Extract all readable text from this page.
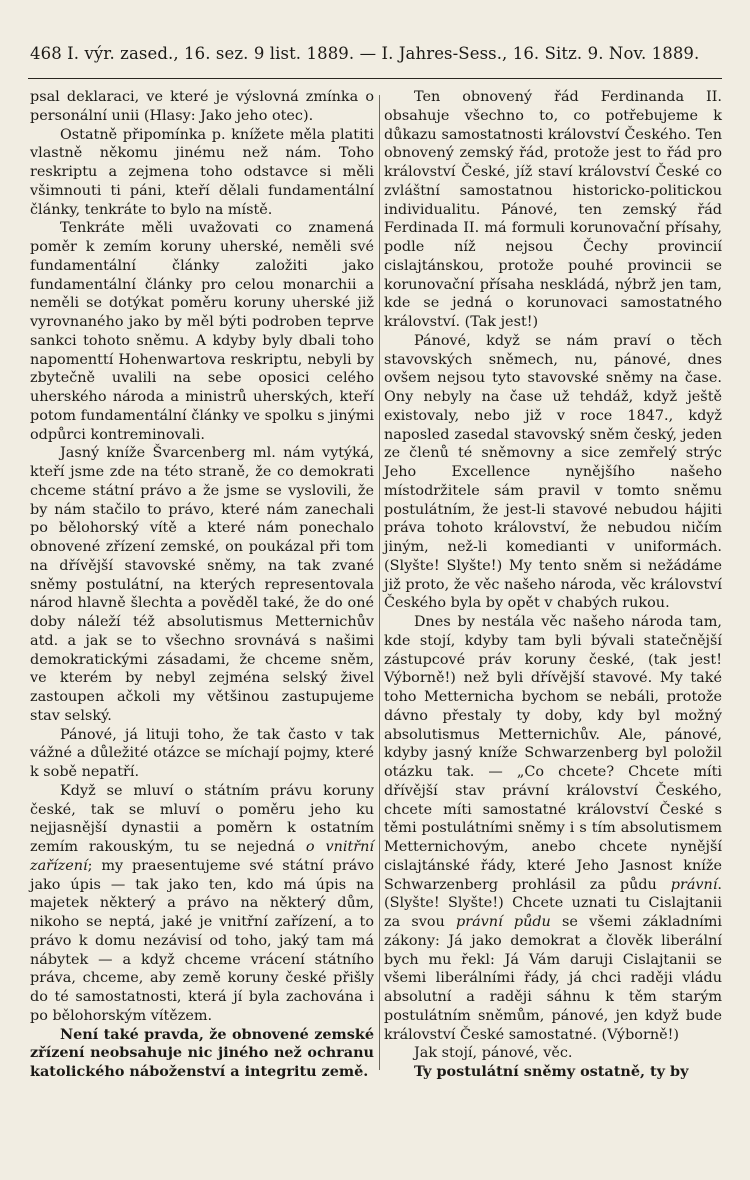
468 I. výr. zased., 16. sez. 9 list. 1889. — I. Jahres-Sess., 16. Sitz. 9. Nov. 1889.

psal deklaraci, ve které je výslovná zmínka o personální unii (Hlasy: Jako jeho otec).

Ostatně připomínka p. knížete měla platiti vlastně někomu jinému než nám. Toho reskriptu a zejmena toho odstavce si měli všimnouti ti páni, kteří dělali fundamentální články, tenkráte to bylo na místě.

Tenkráte měli uvažovati co znamená poměr k zemím koruny uherské, neměli své fundamentální články založiti jako fundamentální články pro celou monarchii a neměli se dotýkat poměru koruny uherské již vyrovnaného jako by měl býti podroben teprve sankci tohoto sněmu. A kdyby byly dbali toho napomenttí Hohenwartova reskriptu, nebyli by zbytečně uvalili na sebe oposici celého uherského národa a ministrů uherských, kteří potom fundamentální články ve spolku s jinými odpůrci kontreminovali.

Jasný kníže Švarcenberg ml. nám vytýká, kteří jsme zde na této straně, že co demokrati chceme státní právo a že jsme se vyslovili, že by nám stačilo to právo, které nám zanechali po bělohorský vítě a které nám ponechalo obnovené zřízení zemské, on poukázal při tom na dřívější stavovské sněmy, na tak zvané sněmy postulátní, na kterých representovala národ hlavně šlechta a pověděl také, že do oné doby náleží též absolutismus Metternichův atd. a jak se to všechno srovnává s našimi demokratickými zásadami, že chceme sněm, ve kterém by nebyl zejména selský živel zastoupen ačkoli my většinou zastupujeme stav selský.

Pánové, já lituji toho, že tak často v tak vážné a důležité otázce se míchají pojmy, které k sobě nepatří.

Když se mluví o státním právu koruny české, tak se mluví o poměru jeho ku nejjasnější dynastii a poměrn k ostatním zemím rakouským, tu se nejedná o vnitřní zařízení; my praesentujeme své státní právo jako úpis — tak jako ten, kdo má úpis na majetek některý a právo na některý dům, nikoho se neptá, jaké je vnitřní zařízení, a to právo k domu nezávisí od toho, jaký tam má nábytek — a když chceme vrácení státního práva, chceme, aby země koruny české přišly do té samostatnosti, která jí byla zachována i po bělohorským vítězem.

Není také pravda, že obnovené zemské zřízení neobsahuje nic jiného než ochranu katolického náboženství a integritu země.

Ten obnovený řád Ferdinanda II. obsahuje všechno to, co potřebujeme k důkazu samostatnosti království Českého. Ten obnovený zemský řád, protože jest to řád pro království České, jíž staví království České co zvláštní samostatnou historicko-politickou individualitu. Pánové, ten zemský řád Ferdinada II. má formuli korunovační přísahy, podle níž nejsou Čechy provincií cislajtánskou, protože pouhé provincii se korunovační přísaha neskládá, nýbrž jen tam, kde se jedná o korunovaci samostatného království. (Tak jest!)

Pánové, když se nám praví o těch stavovských sněmech, nu, pánové, dnes ovšem nejsou tyto stavovské sněmy na čase. Ony nebyly na čase už tehdáž, když ještě existovaly, nebo již v roce 1847., když naposled zasedal stavovský sněm český, jeden ze členů té sněmovny a sice zemřelý strýc Jeho Excellence nynějšího našeho místodržitele sám pravil v tomto sněmu postulátním, že jest-li stavové nebudou hájiti práva tohoto království, že nebudou ničím jiným, než-li komedianti v uniformách. (Slyšte! Slyšte!) My tento sněm si nežádáme již proto, že věc našeho národa, věc království Českého byla by opět v chabých rukou.

Dnes by nestála věc našeho národa tam, kde stojí, kdyby tam byli bývali statečnější zástupcové práv koruny české, (tak jest! Výborně!) než byli dřívější stavové. My také toho Metternicha bychom se nebáli, protože dávno přestaly ty doby, kdy byl možný absolutismus Metternichův. Ale, pánové, kdyby jasný kníže Schwarzenberg byl položil otázku tak. — „Co chcete? Chcete míti dřívější stav právní království Českého, chcete míti samostatné království České s těmi postulátními sněmy i s tím absolutismem Metternichovým, anebo chcete nynější cislajtánské řády, které Jeho Jasnost kníže Schwarzenberg prohlásil za půdu právní. (Slyšte! Slyšte!) Chcete uznati tu Cislajtanii za svou právní půdu se všemi základními zákony: Já jako demokrat a člověk liberální bych mu řekl: Já Vám daruji Cislajtanii se všemi liberálními řády, já chci raději vládu absolutní a raději sáhnu k těm starým postulátním sněmům, pánové, jen když bude království České samostatné. (Výborně!)

Jak stojí, pánové, věc.

Ty postulátní sněmy ostatně, ty by
